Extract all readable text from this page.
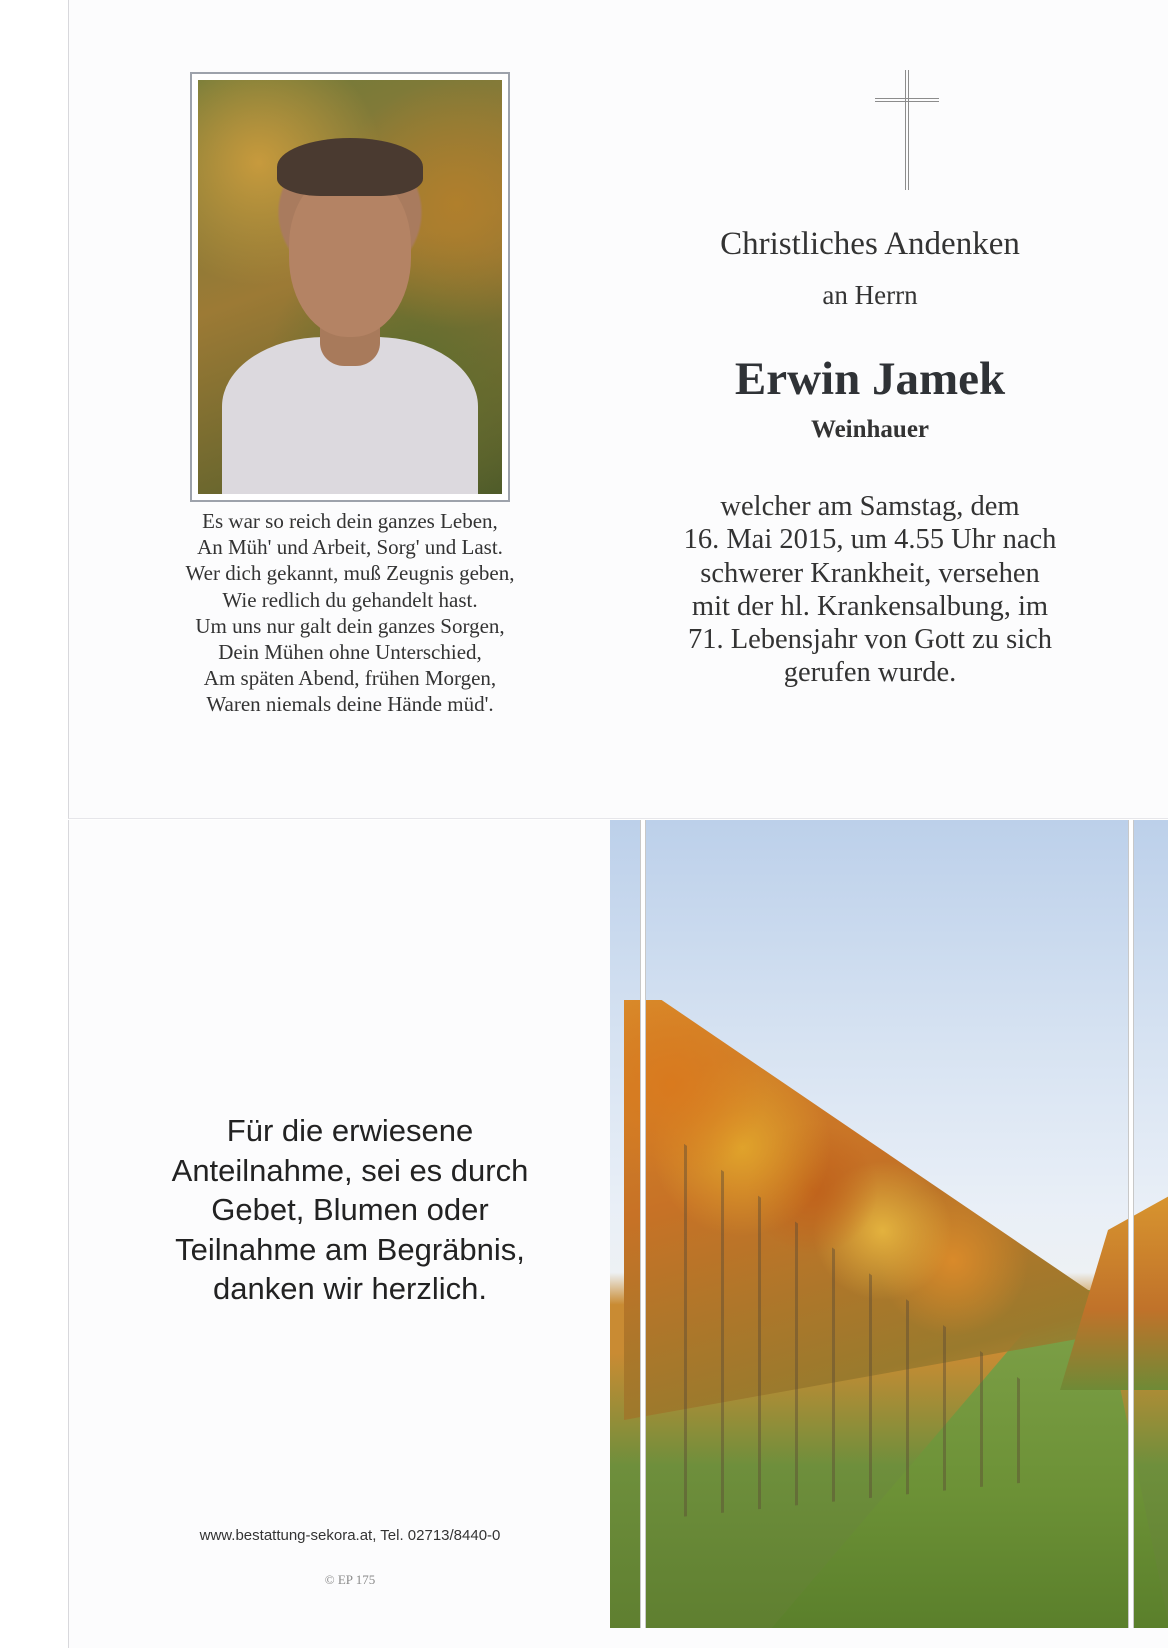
Es war so reich dein ganzes Leben,
An Müh' und Arbeit, Sorg' und Last.
Wer dich gekannt, muß Zeugnis geben,
Wie redlich du gehandelt hast.
Um uns nur galt dein ganzes Sorgen,
Dein Mühen ohne Unterschied,
Am späten Abend, frühen Morgen,
Waren niemals deine Hände müd'.
Christliches Andenken
an Herrn
Erwin Jamek
Weinhauer
welcher am Samstag, dem
16. Mai 2015, um 4.55 Uhr nach
schwerer Krankheit, versehen
mit der hl. Krankensalbung, im
71. Lebensjahr von Gott zu sich
gerufen wurde.
Für die erwiesene
Anteilnahme, sei es durch
Gebet, Blumen oder
Teilnahme am Begräbnis,
danken wir herzlich.
www.bestattung-sekora.at, Tel. 02713/8440-0
© EP 175
